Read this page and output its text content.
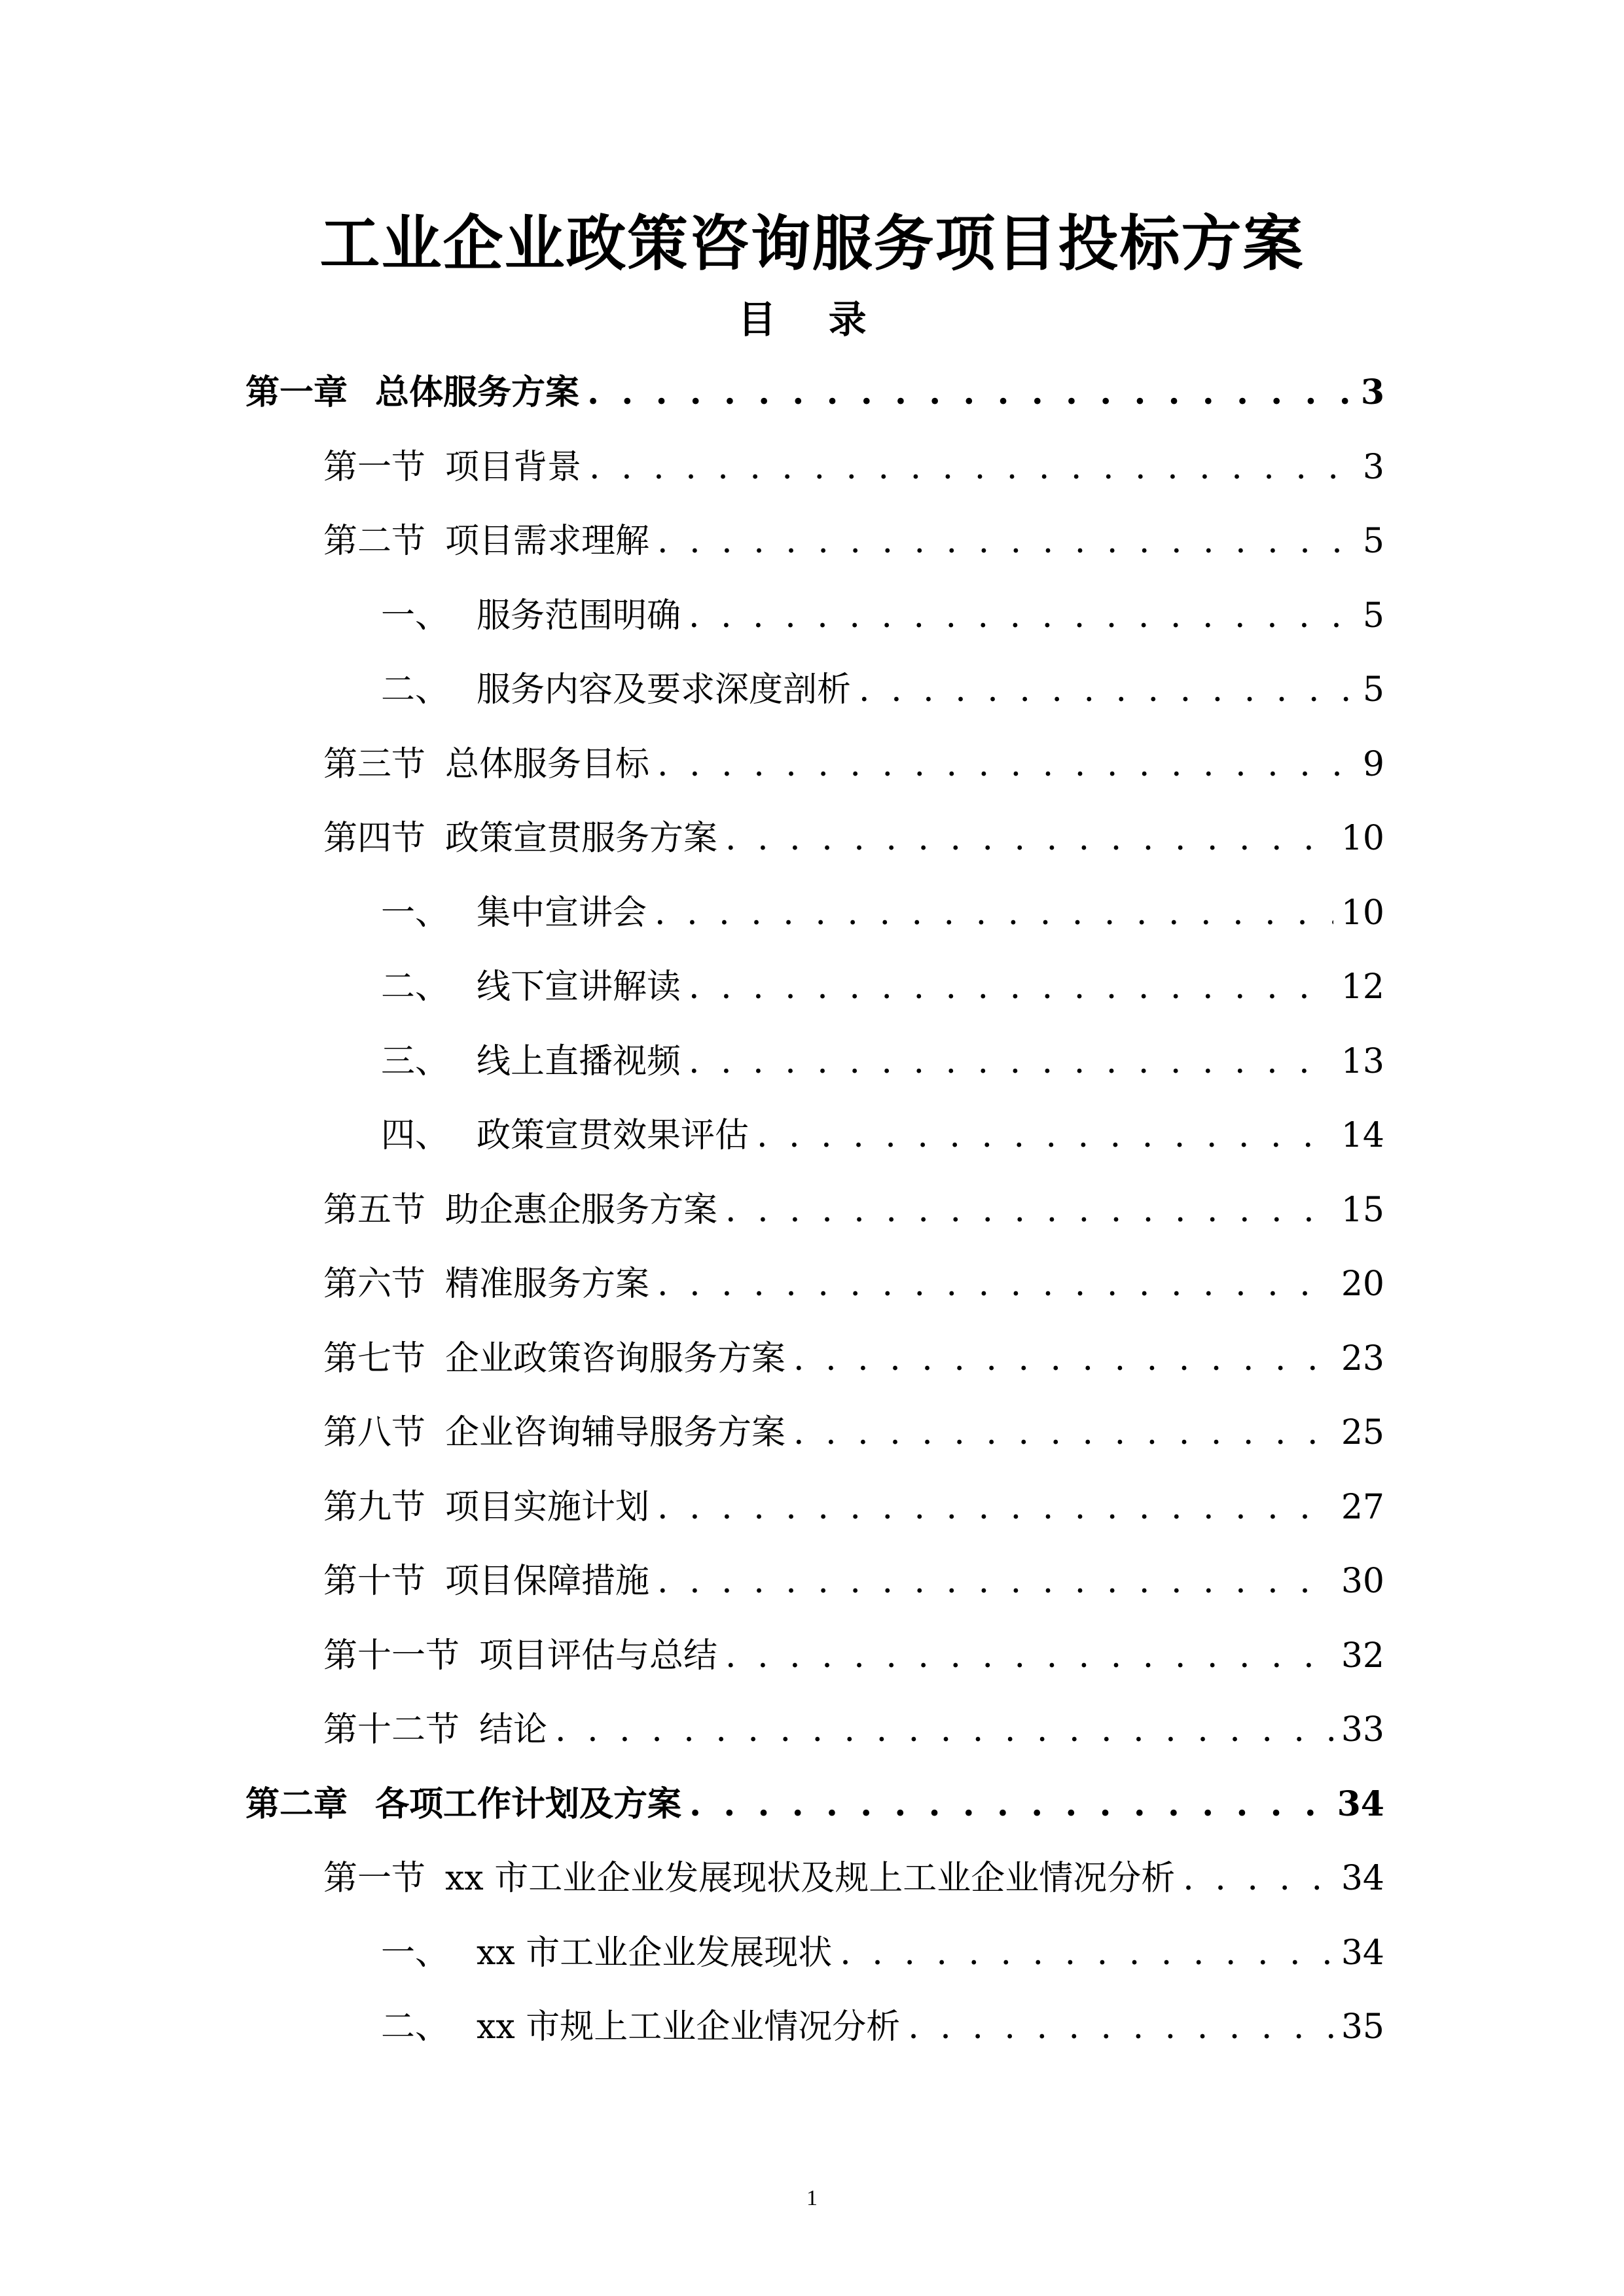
工业企业政策咨询服务项目投标方案
目 录
第一章 总体服务方案 . . .	3
第一节 项目背景 . . .	3
第二节 项目需求理解 . . .	5
一、 服务范围明确 . . .	5
二、 服务内容及要求深度剖析 . . .	5
第三节 总体服务目标 . . .	9
第四节 政策宣贯服务方案 . . .	10
一、 集中宣讲会 . . .	10
二、 线下宣讲解读 . . .	12
三、 线上直播视频 . . .	13
四、 政策宣贯效果评估 . . .	14
第五节 助企惠企服务方案 . . .	15
第六节 精准服务方案 . . .	20
第七节 企业政策咨询服务方案 . . .	23
第八节 企业咨询辅导服务方案 . . .	25
第九节 项目实施计划 . . .	27
第十节 项目保障措施 . . .	30
第十一节 项目评估与总结 . . .	32
第十二节 结论 . . .	33
第二章 各项工作计划及方案 . . .	34
第一节 xx 市工业企业发展现状及规上工业企业情况分析 . . .	34
一、 xx 市工业企业发展现状 . . .	34
二、 xx 市规上工业企业情况分析 . . .	35
1
